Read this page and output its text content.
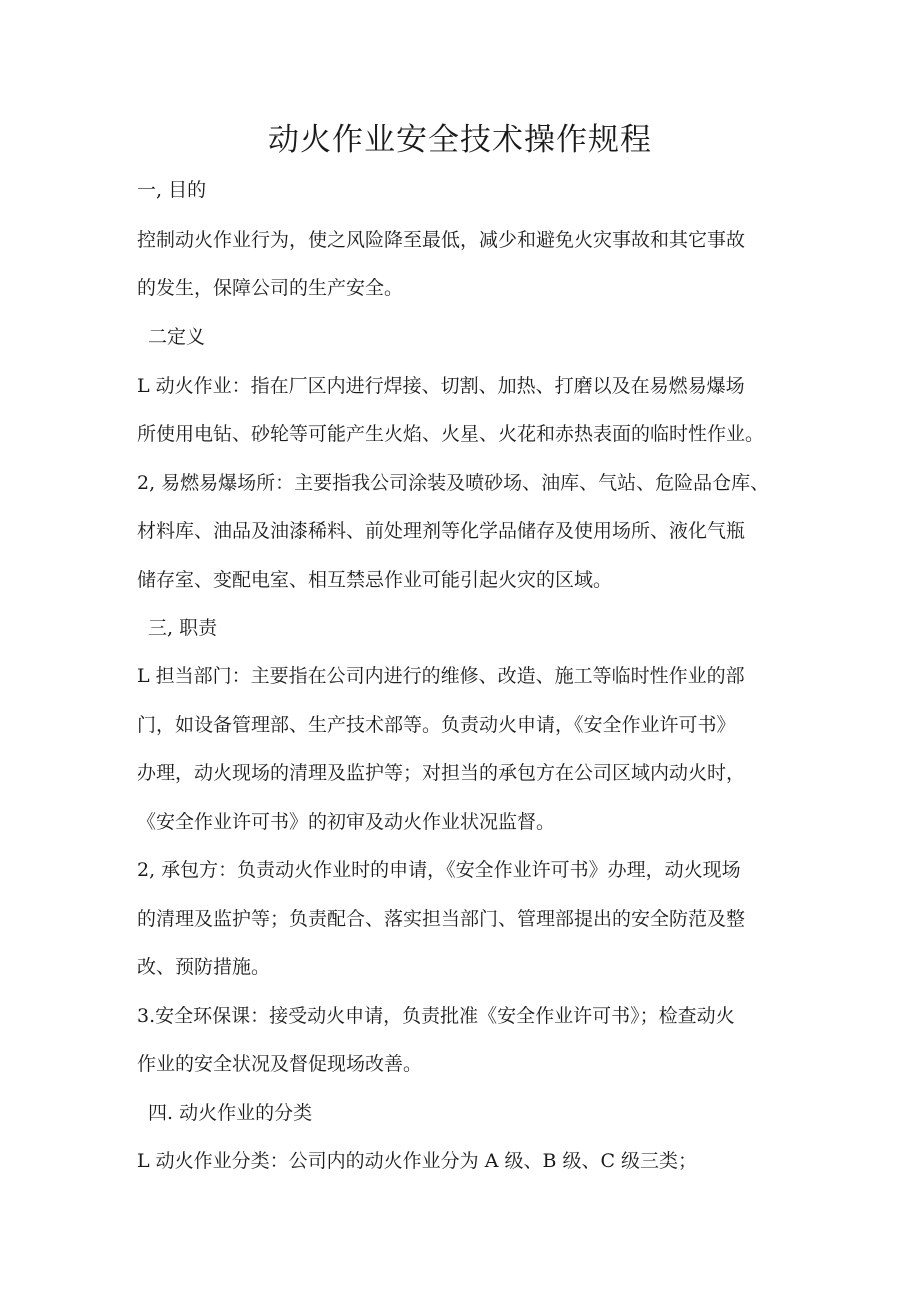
动火作业安全技术操作规程

一, 目的

控制动火作业行为，使之风险降至最低，减少和避免火灾事故和其它事故

的发生，保障公司的生产安全。

二定义

L 动火作业：指在厂区内进行焊接、切割、加热、打磨以及在易燃易爆场

所使用电钻、砂轮等可能产生火焰、火星、火花和赤热表面的临时性作业。

2, 易燃易爆场所：主要指我公司涂装及喷砂场、油库、气站、危险品仓库、

材料库、油品及油漆稀料、前处理剂等化学品储存及使用场所、液化气瓶

储存室、变配电室、相互禁忌作业可能引起火灾的区域。

三, 职责

L 担当部门：主要指在公司内进行的维修、改造、施工等临时性作业的部

门，如设备管理部、生产技术部等。负责动火申请，《安全作业许可书》

办理，动火现场的清理及监护等；对担当的承包方在公司区域内动火时，

《安全作业许可书》的初审及动火作业状况监督。

2, 承包方：负责动火作业时的申请，《安全作业许可书》办理，动火现场

的清理及监护等；负责配合、落实担当部门、管理部提出的安全防范及整

改、预防措施。

3.安全环保课：接受动火申请，负责批准《安全作业许可书》；检查动火

作业的安全状况及督促现场改善。

四. 动火作业的分类

L 动火作业分类：公司内的动火作业分为 A 级、B 级、C 级三类；
